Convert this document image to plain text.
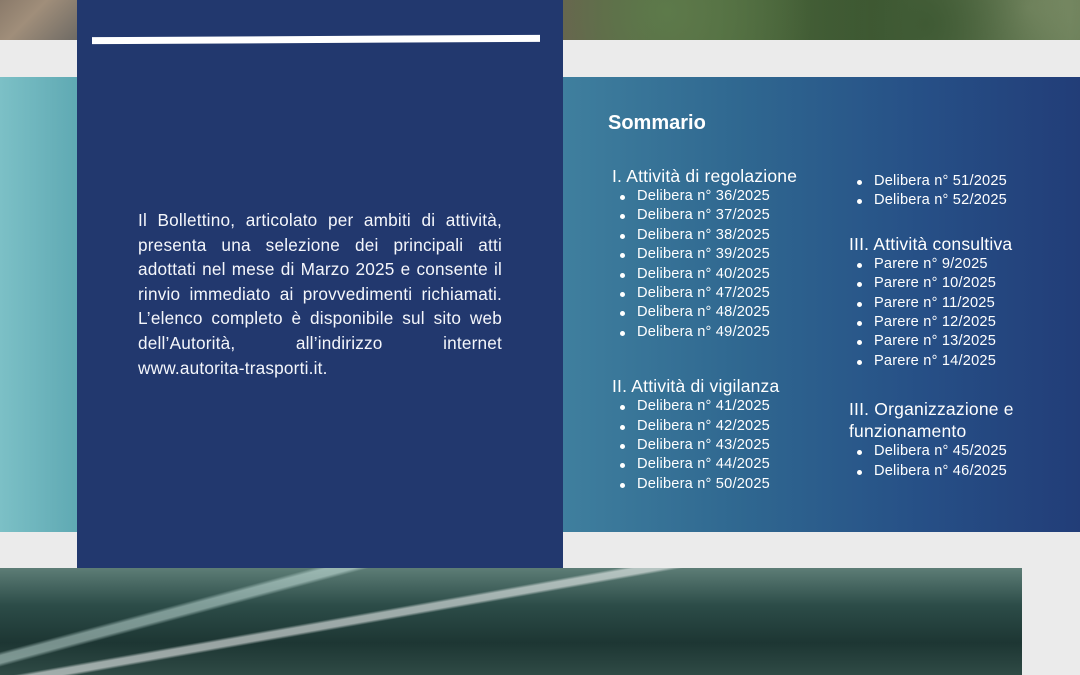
Il Bollettino, articolato per ambiti di attività, presenta una selezione dei principali atti adottati nel mese di Marzo 2025 e consente il rinvio immediato ai provvedimenti richiamati. L’elenco completo è disponibile sul sito web dell’Autorità, all’indirizzo internet www.autorita-trasporti.it.

Sommario
I. Attività di regolazione
Delibera n° 36/2025
Delibera n° 37/2025
Delibera n° 38/2025
Delibera n° 39/2025
Delibera n° 40/2025
Delibera n° 47/2025
Delibera n° 48/2025
Delibera n° 49/2025
II. Attività di vigilanza
Delibera n° 41/2025
Delibera n° 42/2025
Delibera n° 43/2025
Delibera n° 44/2025
Delibera n° 50/2025
Delibera n° 51/2025
Delibera n° 52/2025
III. Attività consultiva
Parere n° 9/2025
Parere n° 10/2025
Parere n° 11/2025
Parere n° 12/2025
Parere n° 13/2025
Parere n° 14/2025
III. Organizzazione e
funzionamento
Delibera n° 45/2025
Delibera n° 46/2025
